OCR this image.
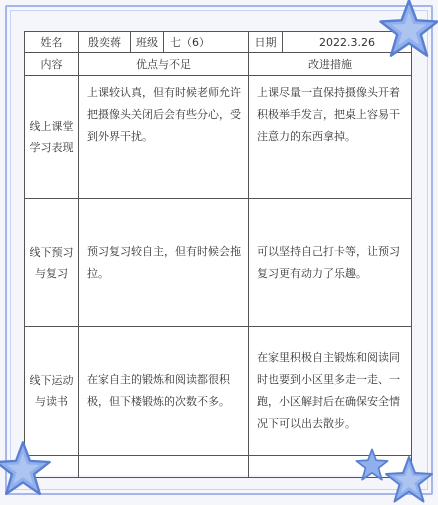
姓名	殷奕蒋	班级	七（6）	日期	2022.3.26
内容	优点与不足			改进措施	
线上课堂学习表现	上课较认真，但有时候老师允许把摄像头关闭后会有些分心，受到外界干扰。			上课尽量一直保持摄像头开着积极举手发言，把桌上容易干注意力的东西拿掉。	
线下预习与复习	预习复习较自主，但有时候会拖拉。			可以坚持自己打卡等，让预习复习更有动力了乐趣。	
线下运动与读书	在家自主的锻炼和阅读都很积极，但下楼锻炼的次数不多。			在家里积极自主锻炼和阅读同时也要到小区里多走一走、一跑，小区解封后在确保安全情况下可以出去散步。	
